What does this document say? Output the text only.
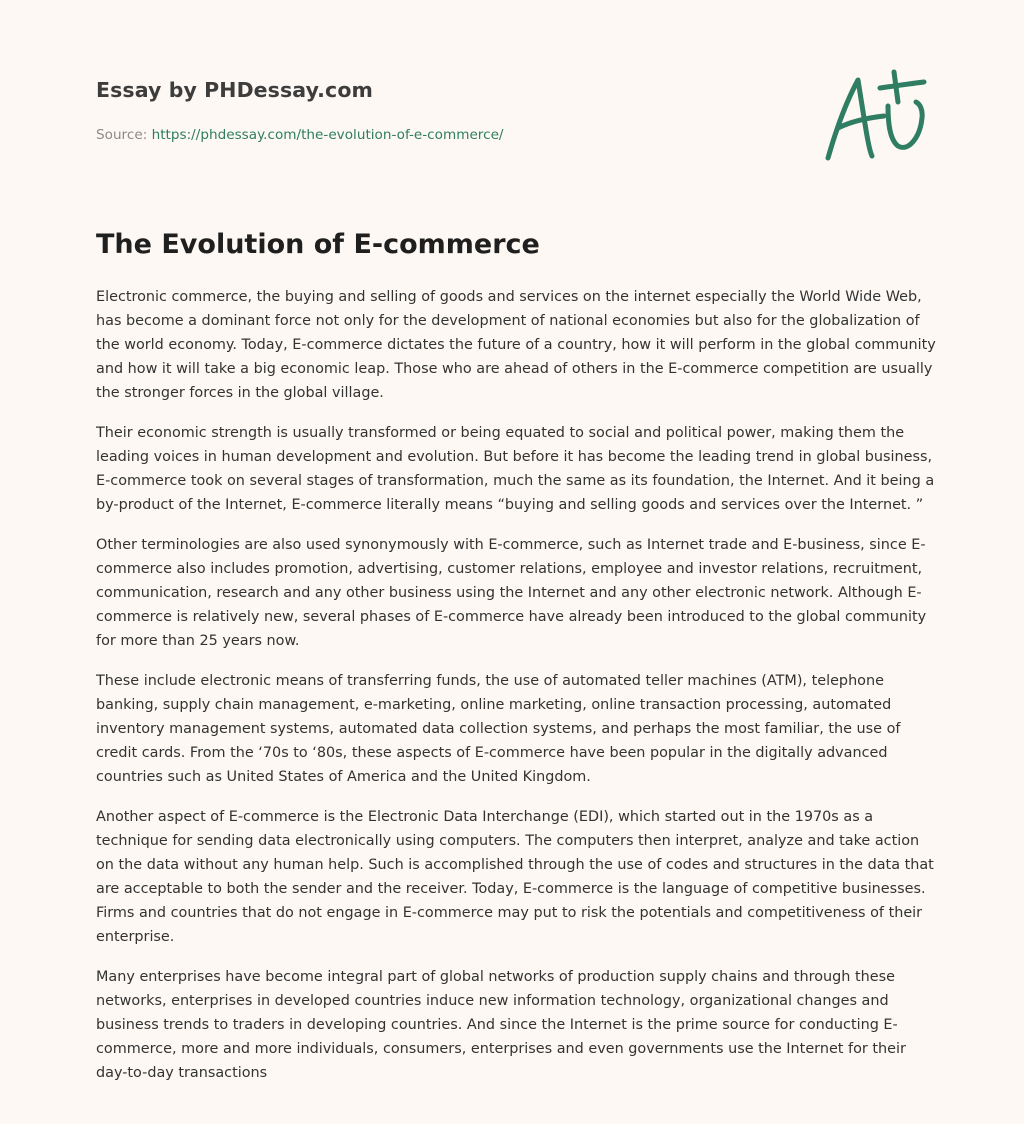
Essay by PHDessay.com
Source: https://phdessay.com/the-evolution-of-e-commerce/
The Evolution of E-commerce

Electronic commerce, the buying and selling of goods and services on the internet especially the World Wide Web, has become a dominant force not only for the development of national economies but also for the globalization of the world economy. Today, E-commerce dictates the future of a country, how it will perform in the global community and how it will take a big economic leap. Those who are ahead of others in the E-commerce competition are usually the stronger forces in the global village.

Their economic strength is usually transformed or being equated to social and political power, making them the leading voices in human development and evolution. But before it has become the leading trend in global business, E-commerce took on several stages of transformation, much the same as its foundation, the Internet. And it being a by-product of the Internet, E-commerce literally means “buying and selling goods and services over the Internet. ”

Other terminologies are also used synonymously with E-commerce, such as Internet trade and E-business, since E-commerce also includes promotion, advertising, customer relations, employee and investor relations, recruitment, communication, research and any other business using the Internet and any other electronic network. Although E-commerce is relatively new, several phases of E-commerce have already been introduced to the global community for more than 25 years now.

These include electronic means of transferring funds, the use of automated teller machines (ATM), telephone banking, supply chain management, e-marketing, online marketing, online transaction processing, automated inventory management systems, automated data collection systems, and perhaps the most familiar, the use of credit cards. From the ‘70s to ‘80s, these aspects of E-commerce have been popular in the digitally advanced countries such as United States of America and the United Kingdom.

Another aspect of E-commerce is the Electronic Data Interchange (EDI), which started out in the 1970s as a technique for sending data electronically using computers. The computers then interpret, analyze and take action on the data without any human help. Such is accomplished through the use of codes and structures in the data that are acceptable to both the sender and the receiver. Today, E-commerce is the language of competitive businesses. Firms and countries that do not engage in E-commerce may put to risk the potentials and competitiveness of their enterprise.

Many enterprises have become integral part of global networks of production supply chains and through these networks, enterprises in developed countries induce new information technology, organizational changes and business trends to traders in developing countries. And since the Internet is the prime source for conducting E-commerce, more and more individuals, consumers, enterprises and even governments use the Internet for their day-to-day transactions
